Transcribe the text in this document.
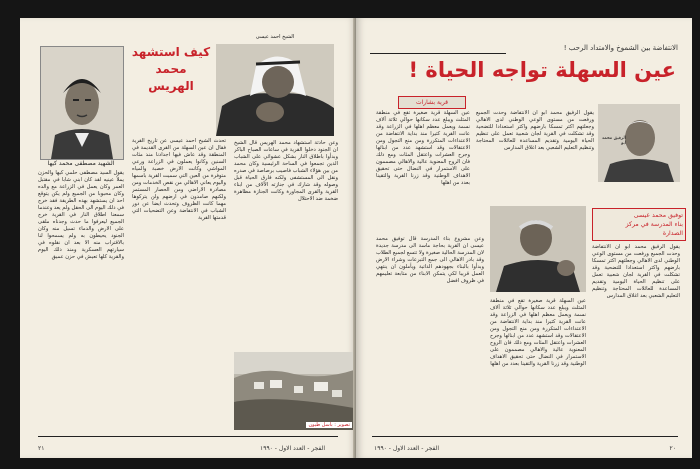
الشهيد مصطفى محمد كيها
كيف استشهد
محمد
الهريس
الشيخ احمد عيسى
يقول السيد مصطفى حلمي كيها والحزن يملأ عينيه لقد كان ابني شابا في مقتبل العمر وكان يعمل في الزراعة مع والده وكان محبوبا من الجميع ولم يكن يتوقع احد ان يستشهد بهذه الطريقة فقد خرج في ذلك اليوم الى الحقل ولم يعد وعندما سمعنا اطلاق النار في القرية خرج الجميع ليعرفوا ما حدث وجدناه ملقى على الارض والدماء تسيل منه وكان الجنود يحيطون به ولم يسمحوا لنا بالاقتراب منه الا بعد ان نقلوه في سيارتهم العسكرية ومنذ ذلك اليوم والقرية كلها تعيش في حزن عميق
تحدث الشيخ احمد عيسى عن تاريخ القرية فقال ان عين السهلة من القرى القديمة في المنطقة وقد عاش فيها اجدادنا منذ مئات السنين وكانوا يعملون في الزراعة ورعي المواشي وكانت الارض خصبة والمياه متوفرة من العين التي سميت القرية باسمها واليوم يعاني الاهالي من نقص الخدمات ومن مصادرة الاراضي ومن الحصار المستمر ولكنهم صامدون في ارضهم ولن يتركوها مهما كانت الظروف وتحدث ايضا عن دور الشباب في الانتفاضة وعن التضحيات التي قدمتها القرية
وعن حادثة استشهاد محمد الهريس قال الشيخ ان الجنود دخلوا القرية في ساعات الصباح الباكر وبدأوا باطلاق النار بشكل عشوائي على الشباب الذين تجمعوا في الساحة الرئيسية وكان محمد من بين هؤلاء الشباب فاصيب برصاصة في صدره ونقل الى المستشفى ولكنه فارق الحياة قبل وصوله وقد شارك في جنازته الآلاف من ابناء القرية والقرى المجاورة وكانت الجنازة مظاهرة ضخمة ضد الاحتلال
تصوير : باسل طيون
٢١	الفجر - العدد الاول - ١٩٩٠
الانتفاضة بين الشموخ والامتداد الرحب !
عين السهلة تواجه الحياة !
قرية بشارات
يقول الرفيق محمد ابو ان الانتفاضة وحدت الجميع ورفعت من مستوى الوعي الوطني لدى الاهالي وجعلتهم اكثر تمسكا بارضهم واكثر استعدادا للتضحية وقد تشكلت في القرية لجان شعبية تعمل على تنظيم الحياة اليومية وتقديم المساعدة للعائلات المحتاجة وتنظيم التعليم الشعبي بعد اغلاق المدارس
الرفيق محمد ابو
عين السهلة قرية صغيرة تقع في منطقة المثلث ويبلغ عدد سكانها حوالي ثلاثة آلاف نسمة ويعمل معظم اهلها في الزراعة وقد عانت القرية كثيرا منذ بداية الانتفاضة من الاعتداءات المتكررة ومن منع التجول ومن الاعتقالات وقد استشهد عدد من ابنائها وجرح العشرات واعتقل المئات ومع ذلك فان الروح المعنوية عالية والاهالي مصممون على الاستمرار في النضال حتى تحقيق الاهداف الوطنية وقد زرنا القرية والتقينا بعدد من اهلها
توفيق محمد عيسى
بناء المدرسة في مركز
الصدارة
وعن مشروع بناء المدرسة قال توفيق محمد عيسى ان القرية بحاجة ماسة الى مدرسة جديدة لان المدرسة الحالية صغيرة ولا تتسع لجميع الطلاب وقد بادر الاهالي الى جمع التبرعات وشراء الارض وبدأوا بالبناء بجهودهم الذاتية ويأملون ان ينتهي العمل قريبا لكي يتمكن الابناء من متابعة تعليمهم في ظروف افضل
عين السهلة قرية صغيرة تقع في منطقة المثلث ويبلغ عدد سكانها حوالي ثلاثة آلاف نسمة ويعمل معظم اهلها في الزراعة وقد عانت القرية كثيرا منذ بداية الانتفاضة من الاعتداءات المتكررة ومن منع التجول ومن الاعتقالات وقد استشهد عدد من ابنائها وجرح العشرات واعتقل المئات ومع ذلك فان الروح المعنوية عالية والاهالي مصممون على الاستمرار في النضال حتى تحقيق الاهداف الوطنية وقد زرنا القرية والتقينا بعدد من اهلها
يقول الرفيق محمد ابو ان الانتفاضة وحدت الجميع ورفعت من مستوى الوعي الوطني لدى الاهالي وجعلتهم اكثر تمسكا بارضهم واكثر استعدادا للتضحية وقد تشكلت في القرية لجان شعبية تعمل على تنظيم الحياة اليومية وتقديم المساعدة للعائلات المحتاجة وتنظيم التعليم الشعبي بعد اغلاق المدارس
الفجر - العدد الاول - ١٩٩٠	٢٠
